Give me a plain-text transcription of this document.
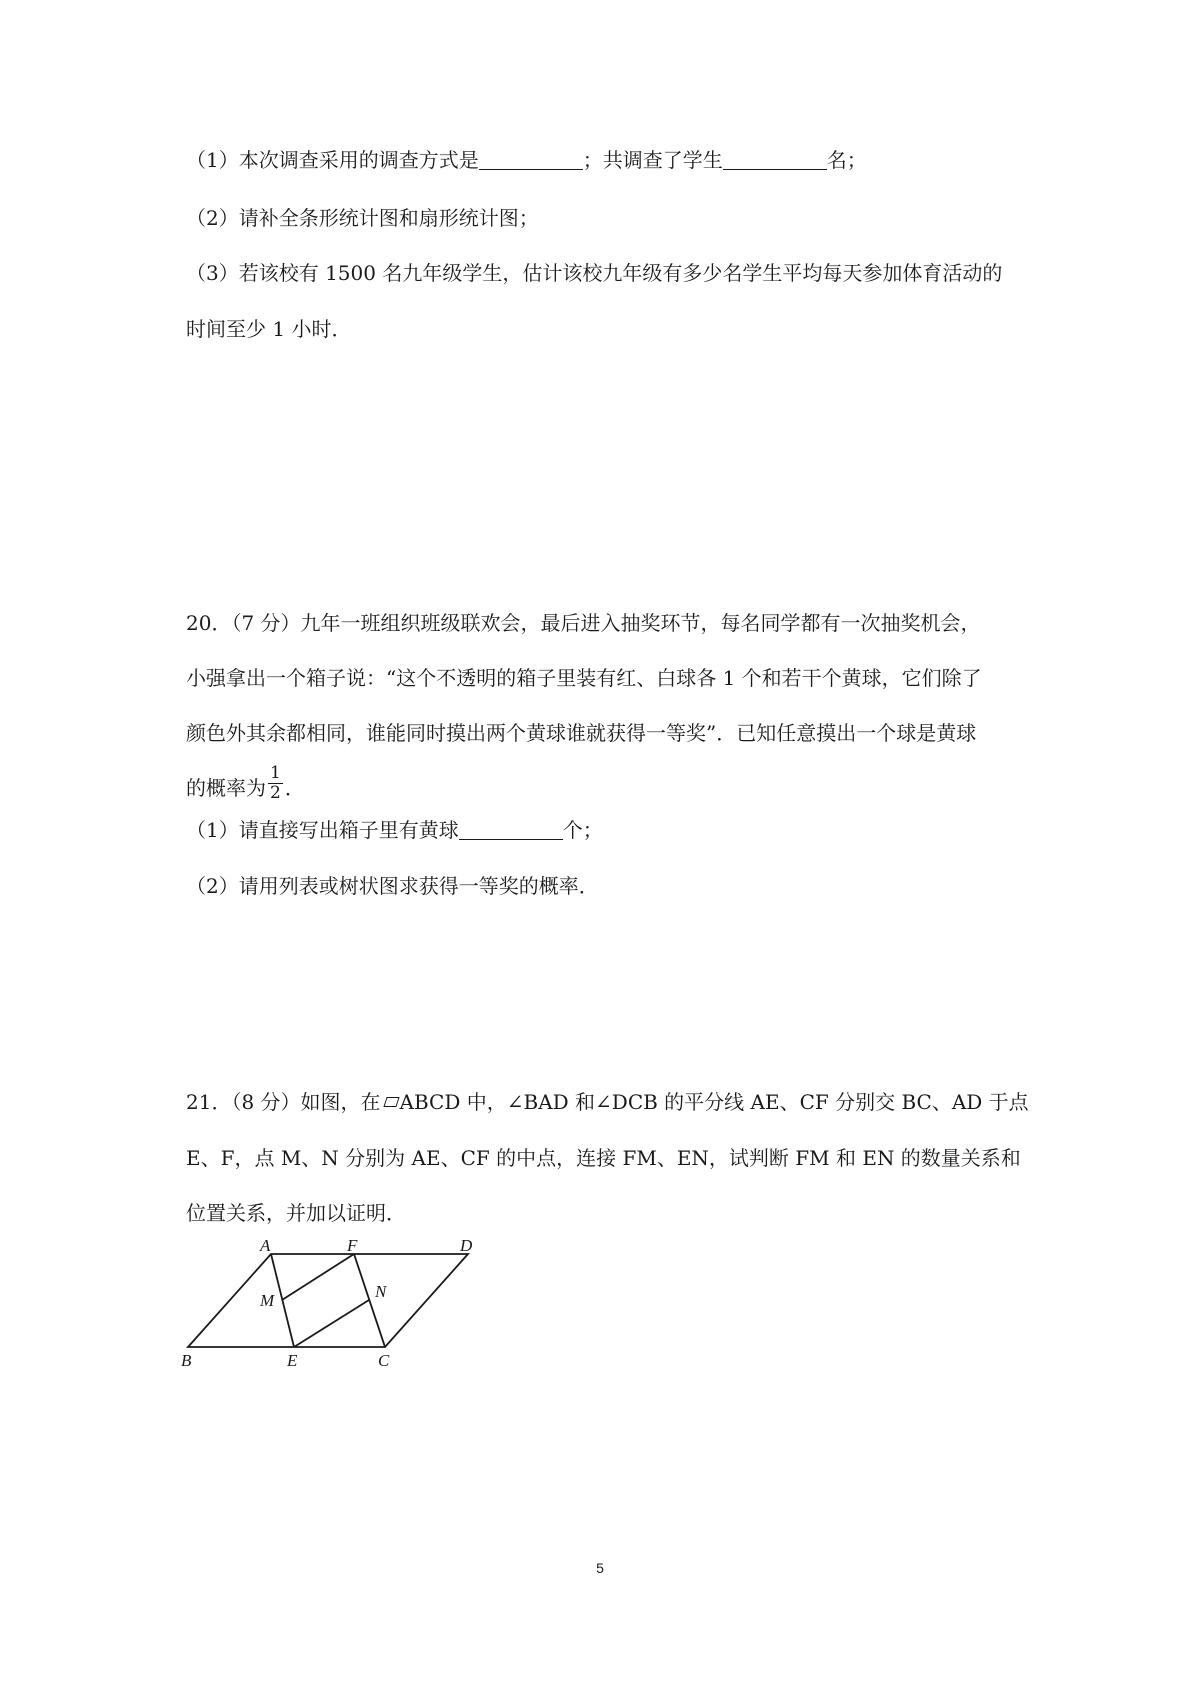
（1）本次调查采用的调查方式是	；共调查了学生	名；
（2）请补全条形统计图和扇形统计图；
（3）若该校有 1500 名九年级学生，估计该校九年级有多少名学生平均每天参加体育活动的
时间至少 1 小时．
20．（7 分）九年一班组织班级联欢会，最后进入抽奖环节，每名同学都有一次抽奖机会，
小强拿出一个箱子说：“这个不透明的箱子里装有红、白球各 1 个和若干个黄球，它们除了
颜色外其余都相同，谁能同时摸出两个黄球谁就获得一等奖”．已知任意摸出一个球是黄球
的概率为 $\frac{1}{2}$ ．
（1）请直接写出箱子里有黄球	个；
（2）请用列表或树状图求获得一等奖的概率．
21．（8 分）如图，在 ABCD 中，∠BAD 和∠DCB 的平分线 AE、CF 分别交 BC、AD 于点
E、F，点 M、N 分别为 AE、CF 的中点，连接 FM、EN，试判断 FM 和 EN 的数量关系和
位置关系，并加以证明．
A	F	D
M	N
B	E	C
5
